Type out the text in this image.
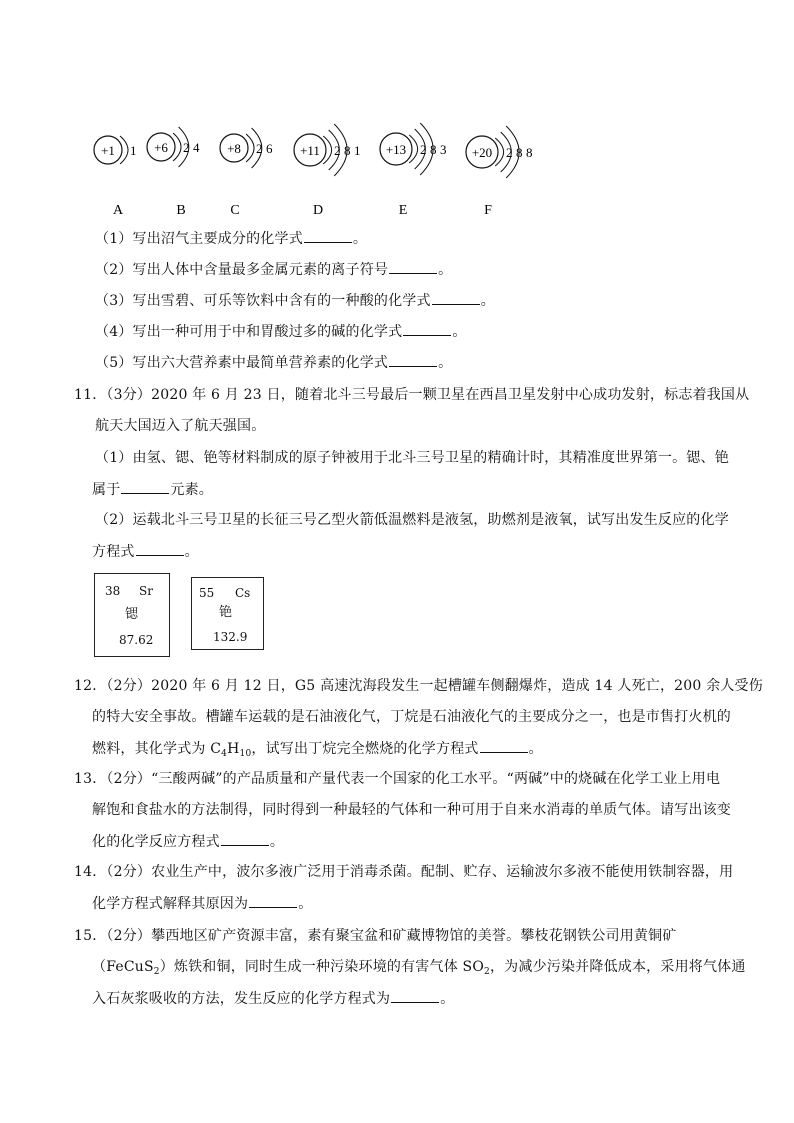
+1 1
A
+6 2 4
B
+8 2 6
C
+11 2 8 1
D
+13 2 8 3
E
+20 2 8 8
F
（1）写出沼气主要成分的化学式	。
（2）写出人体中含量最多金属元素的离子符号	。
（3）写出雪碧、可乐等饮料中含有的一种酸的化学式	。
（4）写出一种可用于中和胃酸过多的碱的化学式	。
（5）写出六大营养素中最简单营养素的化学式	。
11．（3分）2020 年 6 月 23 日，随着北斗三号最后一颗卫星在西昌卫星发射中心成功发射，标志着我国从
航天大国迈入了航天强国。
（1）由氢、锶、铯等材料制成的原子钟被用于北斗三号卫星的精确计时，其精准度世界第一。锶、铯
属于	元素。
（2）运载北斗三号卫星的长征三号乙型火箭低温燃料是液氢，助燃剂是液氧，试写出发生反应的化学
方程式	。
38 Sr
锶
87.62
55 Cs
铯
132.9
12．（2分）2020 年 6 月 12 日，G5 高速沈海段发生一起槽罐车侧翻爆炸，造成 14 人死亡，200 余人受伤
的特大安全事故。槽罐车运载的是石油液化气，丁烷是石油液化气的主要成分之一，也是市售打火机的
燃料，其化学式为 $C_4H_{10}$，试写出丁烷完全燃烧的化学方程式	。
13．（2分）“三酸两碱”的产品质量和产量代表一个国家的化工水平。“两碱”中的烧碱在化学工业上用电
解饱和食盐水的方法制得，同时得到一种最轻的气体和一种可用于自来水消毒的单质气体。请写出该变
化的化学反应方程式	。
14．（2分）农业生产中，波尔多液广泛用于消毒杀菌。配制、贮存、运输波尔多液不能使用铁制容器，用
化学方程式解释其原因为	。
15．（2分）攀西地区矿产资源丰富，素有聚宝盆和矿藏博物馆的美誉。攀枝花钢铁公司用黄铜矿
（FeCuS$_2$）炼铁和铜，同时生成一种污染环境的有害气体 $SO_2$，为减少污染并降低成本，采用将气体通
入石灰浆吸收的方法，发生反应的化学方程式为	。
